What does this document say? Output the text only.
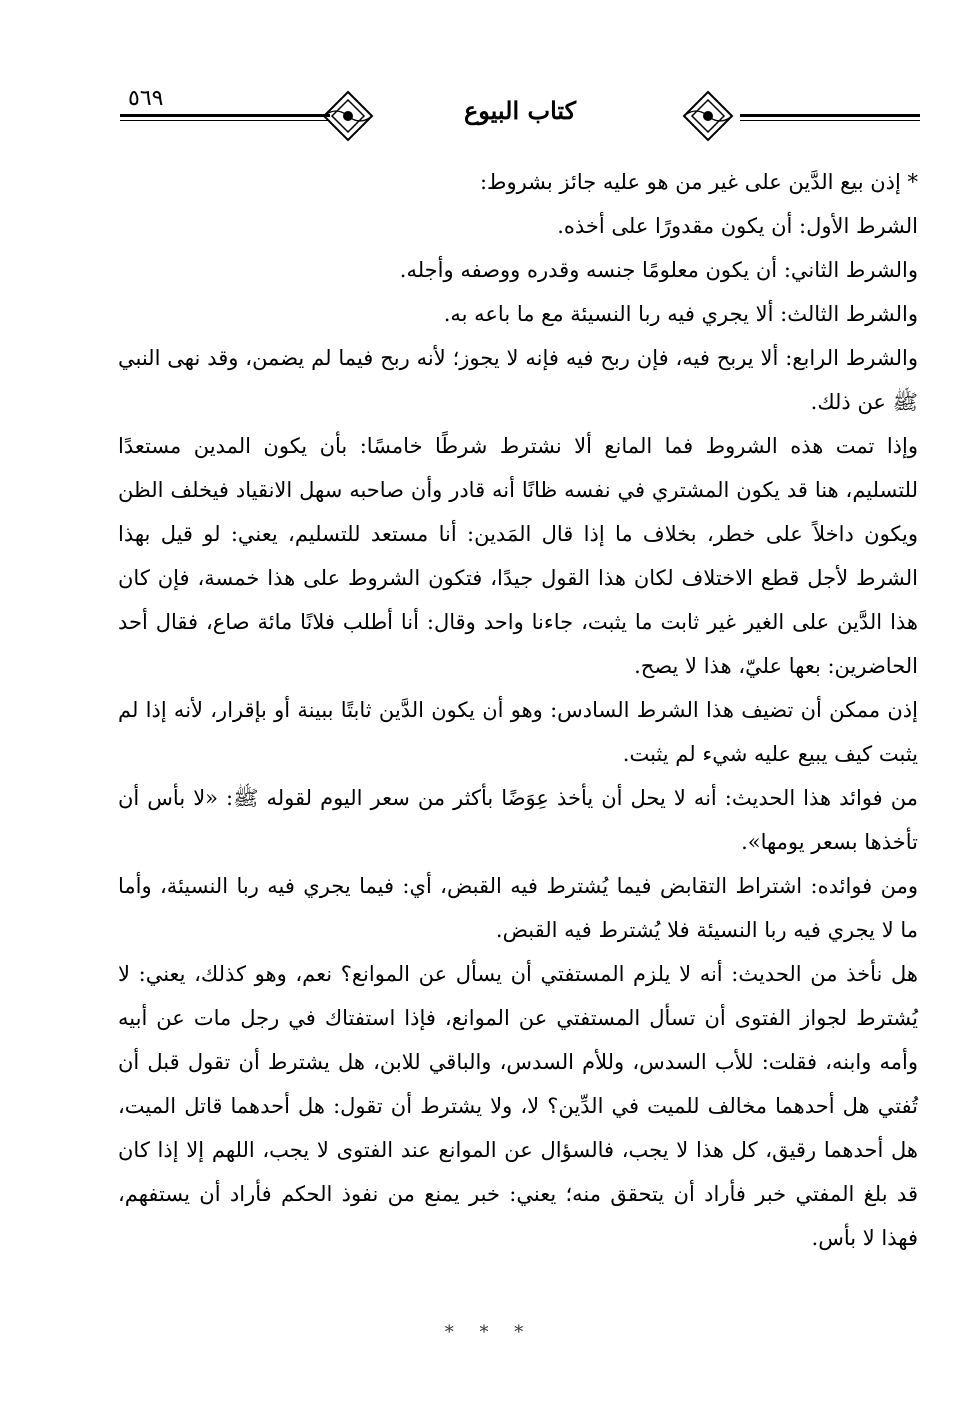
٥٦٩	كتاب البيوع

* إذن بيع الدَّين على غير من هو عليه جائز بشروط:

الشرط الأول: أن يكون مقدورًا على أخذه.

والشرط الثاني: أن يكون معلومًا جنسه وقدره ووصفه وأجله.

والشرط الثالث: ألا يجري فيه ربا النسيئة مع ما باعه به.

والشرط الرابع: ألا يربح فيه، فإن ربح فيه فإنه لا يجوز؛ لأنه ربح فيما لم يضمن، وقد نهى النبي ﷺ عن ذلك.

وإذا تمت هذه الشروط فما المانع ألا نشترط شرطًا خامسًا: بأن يكون المدين مستعدًا للتسليم، هنا قد يكون المشتري في نفسه ظانًا أنه قادر وأن صاحبه سهل الانقياد فيخلف الظن ويكون داخلاً على خطر، بخلاف ما إذا قال المَدين: أنا مستعد للتسليم، يعني: لو قيل بهذا الشرط لأجل قطع الاختلاف لكان هذا القول جيدًا، فتكون الشروط على هذا خمسة، فإن كان هذا الدَّين على الغير غير ثابت ما يثبت، جاءنا واحد وقال: أنا أطلب فلانًا مائة صاع، فقال أحد الحاضرين: بعها عليّ، هذا لا يصح.

إذن ممكن أن تضيف هذا الشرط السادس: وهو أن يكون الدَّين ثابتًا ببينة أو بإقرار، لأنه إذا لم يثبت كيف يبيع عليه شيء لم يثبت.

من فوائد هذا الحديث: أنه لا يحل أن يأخذ عِوَضًا بأكثر من سعر اليوم لقوله ﷺ: «لا بأس أن تأخذها بسعر يومها».

ومن فوائده: اشتراط التقابض فيما يُشترط فيه القبض، أي: فيما يجري فيه ربا النسيئة، وأما ما لا يجري فيه ربا النسيئة فلا يُشترط فيه القبض.

هل نأخذ من الحديث: أنه لا يلزم المستفتي أن يسأل عن الموانع؟ نعم، وهو كذلك، يعني: لا يُشترط لجواز الفتوى أن تسأل المستفتي عن الموانع، فإذا استفتاك في رجل مات عن أبيه وأمه وابنه، فقلت: للأب السدس، وللأم السدس، والباقي للابن، هل يشترط أن تقول قبل أن تُفتي هل أحدهما مخالف للميت في الدِّين؟ لا، ولا يشترط أن تقول: هل أحدهما قاتل الميت، هل أحدهما رقيق، كل هذا لا يجب، فالسؤال عن الموانع عند الفتوى لا يجب، اللهم إلا إذا كان قد بلغ المفتي خبر فأراد أن يتحقق منه؛ يعني: خبر يمنع من نفوذ الحكم فأراد أن يستفهم، فهذا لا بأس.

* * *
